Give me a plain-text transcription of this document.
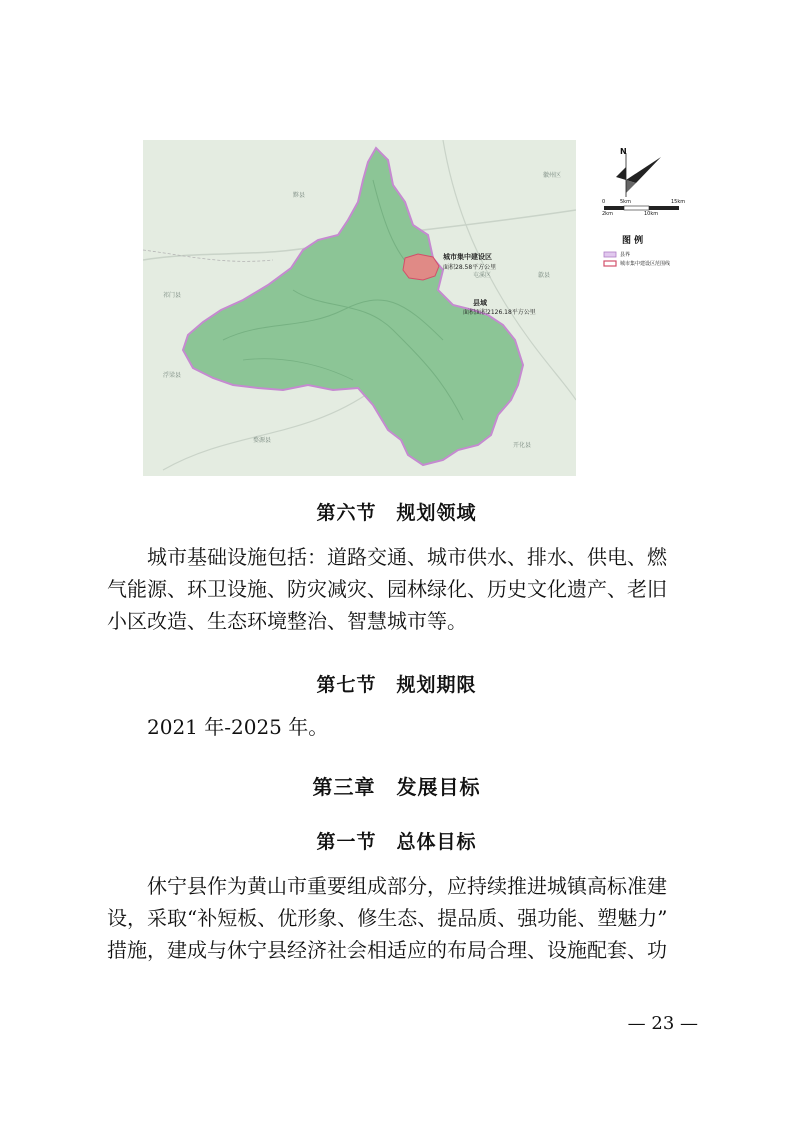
城市集中建设区
面积28.58平方公里
县域
面积面积2126.18平方公里
黟县
徽州区
祁门县
婺源县
浮梁县
屯溪区	歙县
开化县
N
0	5km	15km
2km	10km
图 例
县界
城市集中建设区范围线
第六节　规划领域
城市基础设施包括：道路交通、城市供水、排水、供电、燃
气能源、环卫设施、防灾减灾、园林绿化、历史文化遗产、老旧
小区改造、生态环境整治、智慧城市等。
第七节　规划期限
2021 年-2025 年。
第三章　发展目标
第一节　总体目标
休宁县作为黄山市重要组成部分，应持续推进城镇高标准建
设，采取“补短板、优形象、修生态、提品质、强功能、塑魅力”
措施，建成与休宁县经济社会相适应的布局合理、设施配套、功
— 23 —
